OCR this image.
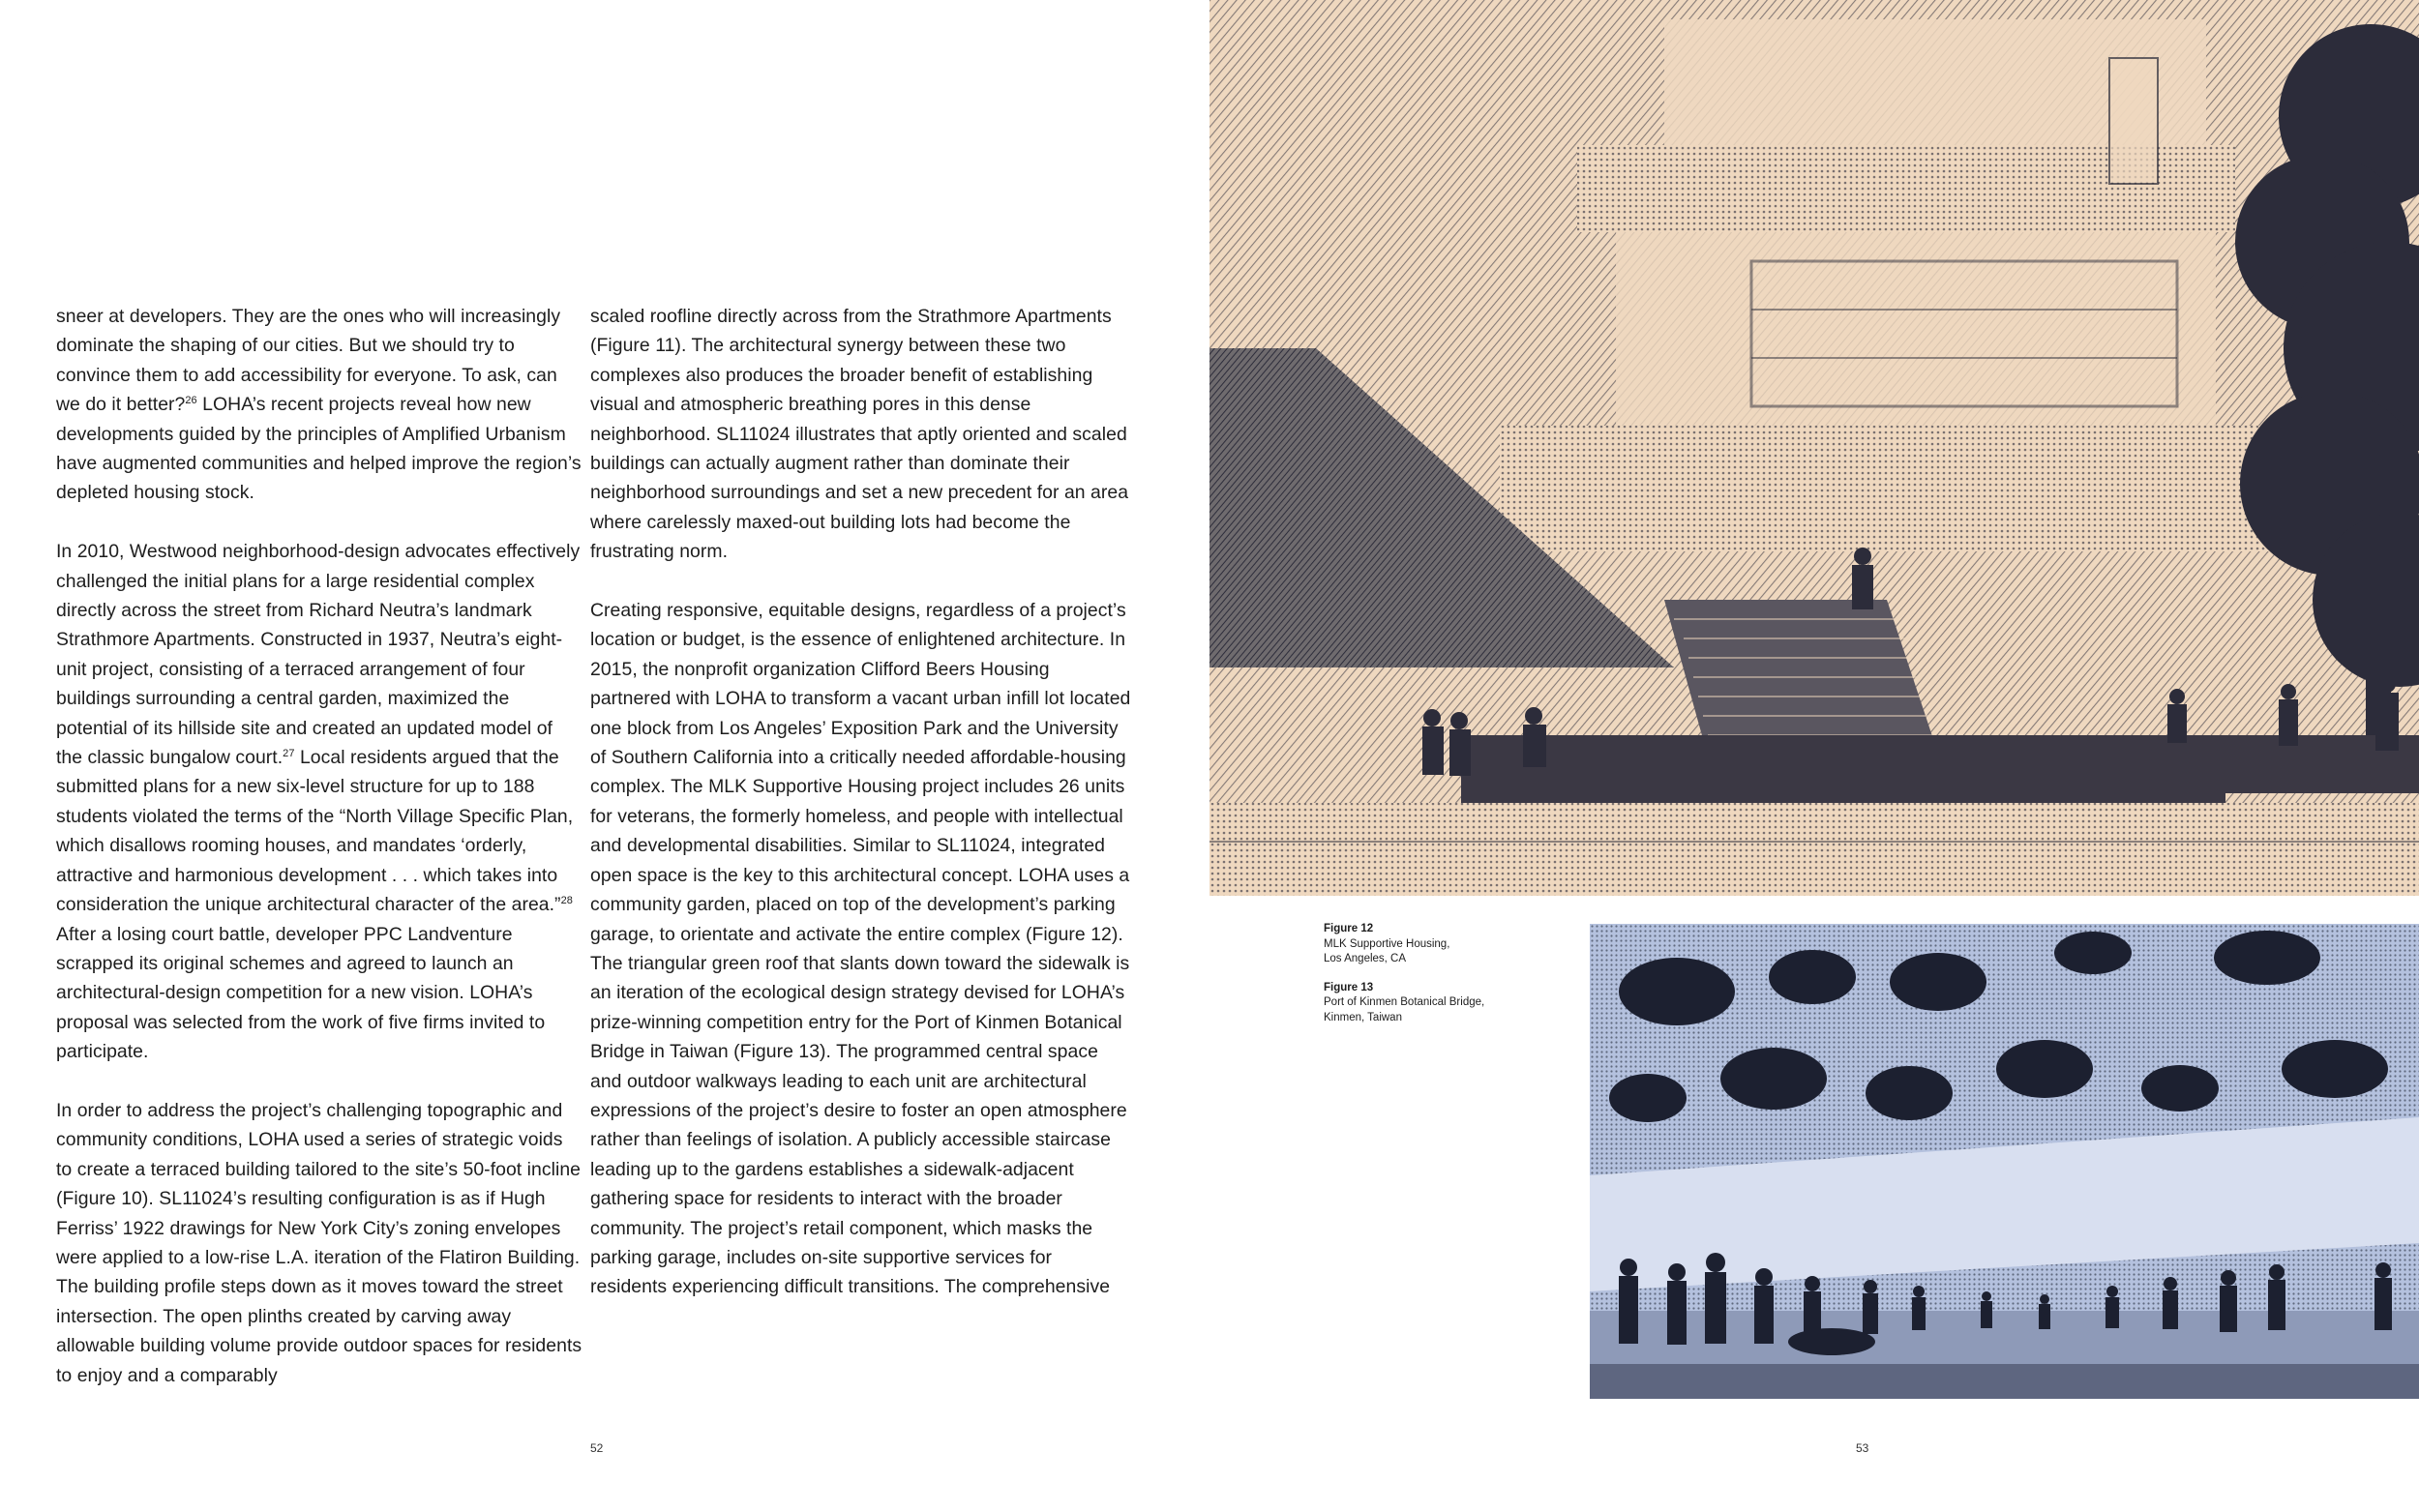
sneer at developers. They are the ones who will increasingly dominate the shaping of our cities. But we should try to convince them to add accessibility for everyone. To ask, can we do it better?$^{26}$ LOHA’s recent projects reveal how new developments guided by the principles of Amplified Urbanism have augmented communities and helped improve the region’s depleted housing stock.

In 2010, Westwood neighborhood-design advocates effectively challenged the initial plans for a large residential complex directly across the street from Richard Neutra’s landmark Strathmore Apartments. Constructed in 1937, Neutra’s eight-unit project, consisting of a terraced arrangement of four buildings surrounding a central garden, maximized the potential of its hillside site and created an updated model of the classic bungalow court.$^{27}$ Local residents argued that the submitted plans for a new six-level structure for up to 188 students violated the terms of the “North Village Specific Plan, which disallows rooming houses, and mandates ‘orderly, attractive and harmonious development . . . which takes into consideration the unique architectural character of the area.”$^{28}$ After a losing court battle, developer PPC Landventure scrapped its original schemes and agreed to launch an architectural-design competition for a new vision. LOHA’s proposal was selected from the work of five firms invited to participate.

In order to address the project’s challenging topographic and community conditions, LOHA used a series of strategic voids to create a terraced building tailored to the site’s 50-foot incline (Figure 10). SL11024’s resulting configuration is as if Hugh Ferriss’ 1922 drawings for New York City’s zoning envelopes were applied to a low-rise L.A. iteration of the Flatiron Building. The building profile steps down as it moves toward the street intersection. The open plinths created by carving away allowable building volume provide outdoor spaces for residents to enjoy and a comparably

scaled roofline directly across from the Strathmore Apartments (Figure 11). The architectural synergy between these two complexes also produces the broader benefit of establishing visual and atmospheric breathing pores in this dense neighborhood. SL11024 illustrates that aptly oriented and scaled buildings can actually augment rather than dominate their neighborhood surroundings and set a new precedent for an area where carelessly maxed-out building lots had become the frustrating norm.

Creating responsive, equitable designs, regardless of a project’s location or budget, is the essence of enlightened architecture. In 2015, the nonprofit organization Clifford Beers Housing partnered with LOHA to transform a vacant urban infill lot located one block from Los Angeles’ Exposition Park and the University of Southern California into a critically needed affordable-housing complex. The MLK Supportive Housing project includes 26 units for veterans, the formerly homeless, and people with intellectual and developmental disabilities. Similar to SL11024, integrated open space is the key to this architectural concept. LOHA uses a community garden, placed on top of the development’s parking garage, to orientate and activate the entire complex (Figure 12). The triangular green roof that slants down toward the sidewalk is an iteration of the ecological design strategy devised for LOHA’s prize-winning competition entry for the Port of Kinmen Botanical Bridge in Taiwan (Figure 13). The programmed central space and outdoor walkways leading to each unit are architectural expressions of the project’s desire to foster an open atmosphere rather than feelings of isolation. A publicly accessible staircase leading up to the gardens establishes a sidewalk-adjacent gathering space for residents to interact with the broader community. The project’s retail component, which masks the parking garage, includes on-site supportive services for residents experiencing difficult transitions. The comprehensive

52
Figure 12
MLK Supportive Housing,
Los Angeles, CA
Figure 13
Port of Kinmen Botanical Bridge,
Kinmen, Taiwan
53
